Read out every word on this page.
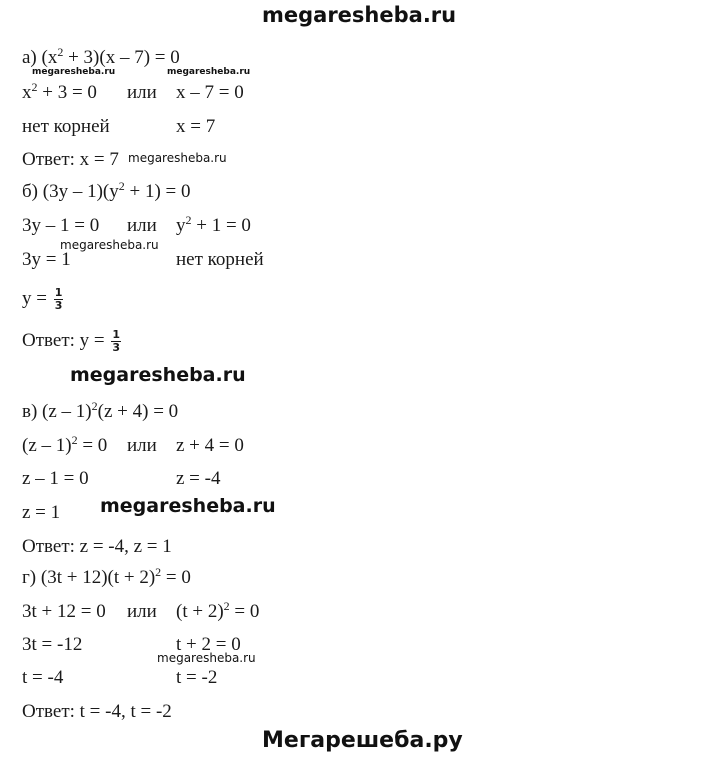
megaresheba.ru
а) $(x^2 + 3)(x - 7) = 0$
megaresheba.ru	megaresheba.ru
$x^2 + 3 = 0$ или x – 7 = 0
нет корней	x = 7
Ответ: x = 7 megaresheba.ru
б) $(3y - 1)(y^2 + 1) = 0$
3y – 1 = 0 или $y^2 + 1 = 0$
megaresheba.ru
3y = 1	нет корней
$y = \frac{1}{3}$
Ответ: $y = \frac{1}{3}$
megaresheba.ru
в) (z – 1)$^2$(z + 4) = 0
(z – 1)$^2$ = 0 или z + 4 = 0
z – 1 = 0	z = -4
z = 1 megaresheba.ru
Ответ: z = -4, z = 1
г) $(3t + 12)(t + 2)^2 = 0$
3t + 12 = 0 или $(t + 2)^2 = 0$
3t = -12	t + 2 = 0
megaresheba.ru
t = -4	t = -2
Ответ: t = -4, t = -2
Мегарешеба.ру
